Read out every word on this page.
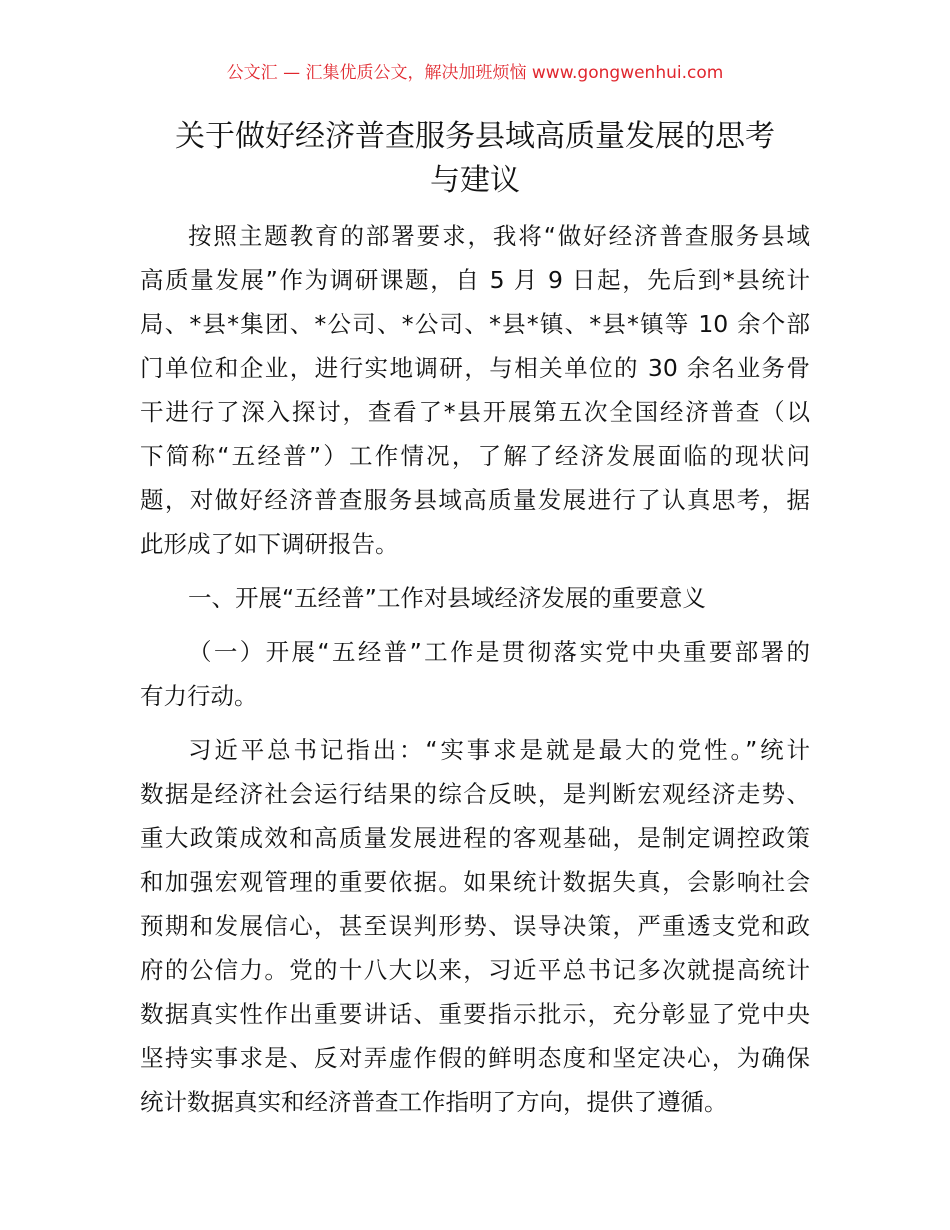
公文汇 — 汇集优质公文，解决加班烦恼 www.gongwenhui.com
关于做好经济普查服务县域高质量发展的思考
与建议
按照主题教育的部署要求，我将“做好经济普查服务县域
高质量发展”作为调研课题，自 5 月 9 日起，先后到*县统计
局、*县*集团、*公司、*公司、*县*镇、*县*镇等 10 余个部
门单位和企业，进行实地调研，与相关单位的 30 余名业务骨
干进行了深入探讨，查看了*县开展第五次全国经济普查（以
下简称“五经普”）工作情况，了解了经济发展面临的现状问
题，对做好经济普查服务县域高质量发展进行了认真思考，据
此形成了如下调研报告。
一、开展“五经普”工作对县域经济发展的重要意义
（一）开展“五经普”工作是贯彻落实党中央重要部署的
有力行动。
习近平总书记指出：“实事求是就是最大的党性。”统计
数据是经济社会运行结果的综合反映，是判断宏观经济走势、
重大政策成效和高质量发展进程的客观基础，是制定调控政策
和加强宏观管理的重要依据。如果统计数据失真，会影响社会
预期和发展信心，甚至误判形势、误导决策，严重透支党和政
府的公信力。党的十八大以来，习近平总书记多次就提高统计
数据真实性作出重要讲话、重要指示批示，充分彰显了党中央
坚持实事求是、反对弄虚作假的鲜明态度和坚定决心，为确保
统计数据真实和经济普查工作指明了方向，提供了遵循。
